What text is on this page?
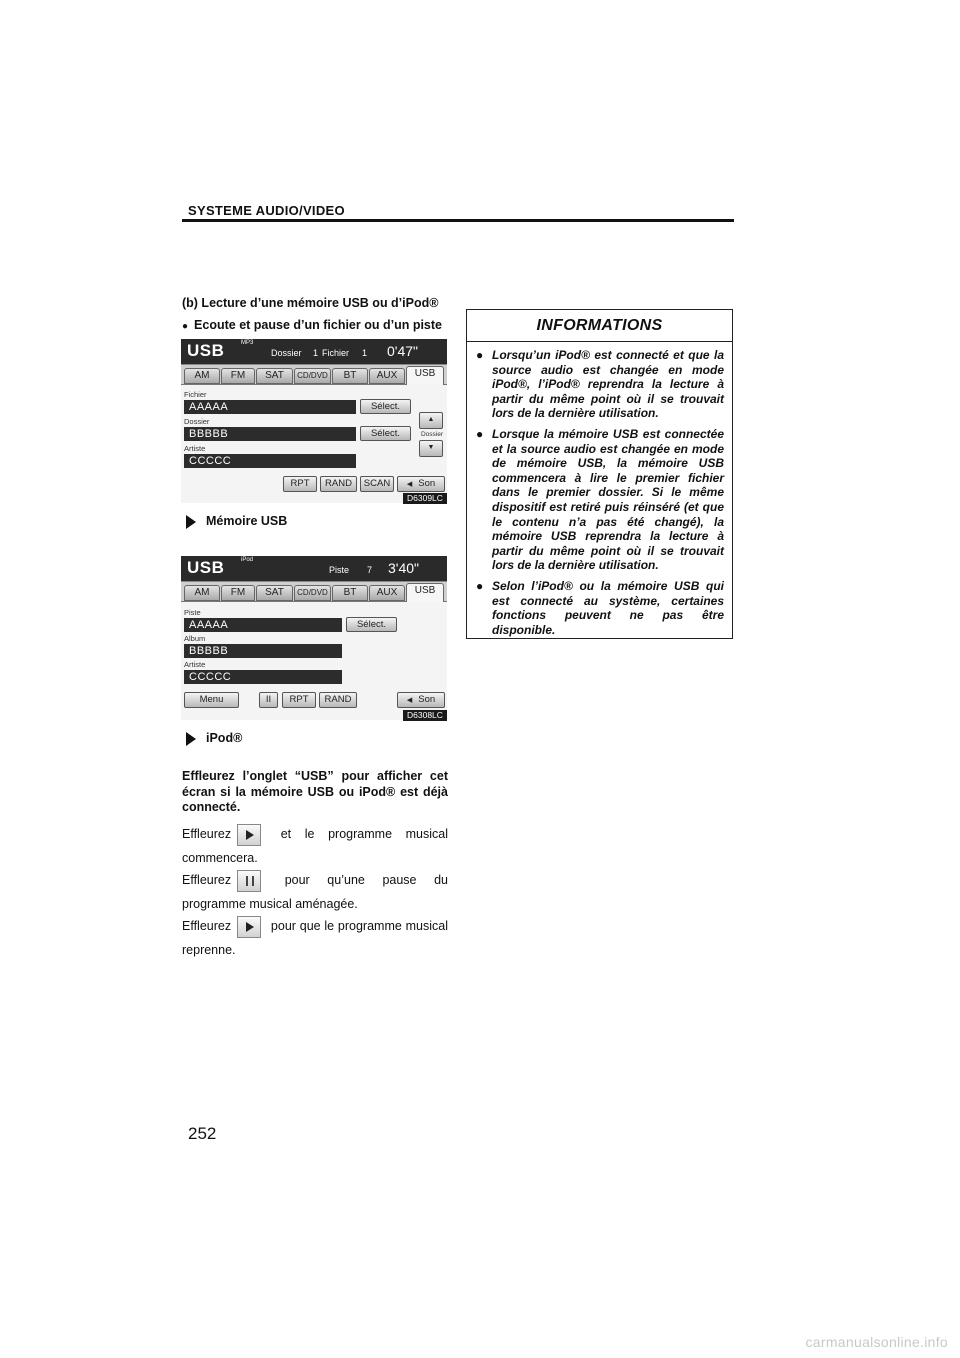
SYSTEME AUDIO/VIDEO
(b) Lecture d’une mémoire USB ou d’iPod®
● Ecoute et pause d’un fichier ou d’un piste
USB	MP3
Dossier 1 Fichier 1 0'47"
AM	FM	SAT	CD/DVD	BT	AUX	USB
Fichier
AAAAA	Sélect.
Dossier
BBBBB	Sélect.
Artiste
CCCCC
▲
Dossier
▼
RPT	RAND	SCAN	◀ Son
D6309LC
Mémoire USB
USB	iPod
Piste 7 3'40"
AM	FM	SAT	CD/DVD	BT	AUX	USB
Piste
AAAAA	Sélect.
Album
BBBBB
Artiste
CCCCC
Menu	II	RPT	RAND	◀ Son
D6308LC
iPod®
Effleurez l’onglet “USB” pour afficher cet écran si la mémoire USB ou iPod® est déjà connecté.
Effleurez	et le programme musical commencera.
Effleurez	pour qu’une pause du programme musical aménagée.
Effleurez	pour que le programme musical reprenne.
INFORMATIONS
● Lorsqu’un iPod® est connecté et que la source audio est changée en mode iPod®, l’iPod® reprendra la lecture à partir du même point où il se trouvait lors de la dernière utilisation.
● Lorsque la mémoire USB est connectée et la source audio est changée en mode de mémoire USB, la mémoire USB commencera à lire le premier fichier dans le premier dossier. Si le même dispositif est retiré puis réinséré (et que le contenu n’a pas été changé), la mémoire USB reprendra la lecture à partir du même point où il se trouvait lors de la dernière utilisation.
● Selon l’iPod® ou la mémoire USB qui est connecté au système, certaines fonctions peuvent ne pas être disponible.
252
carmanualsonline.info
